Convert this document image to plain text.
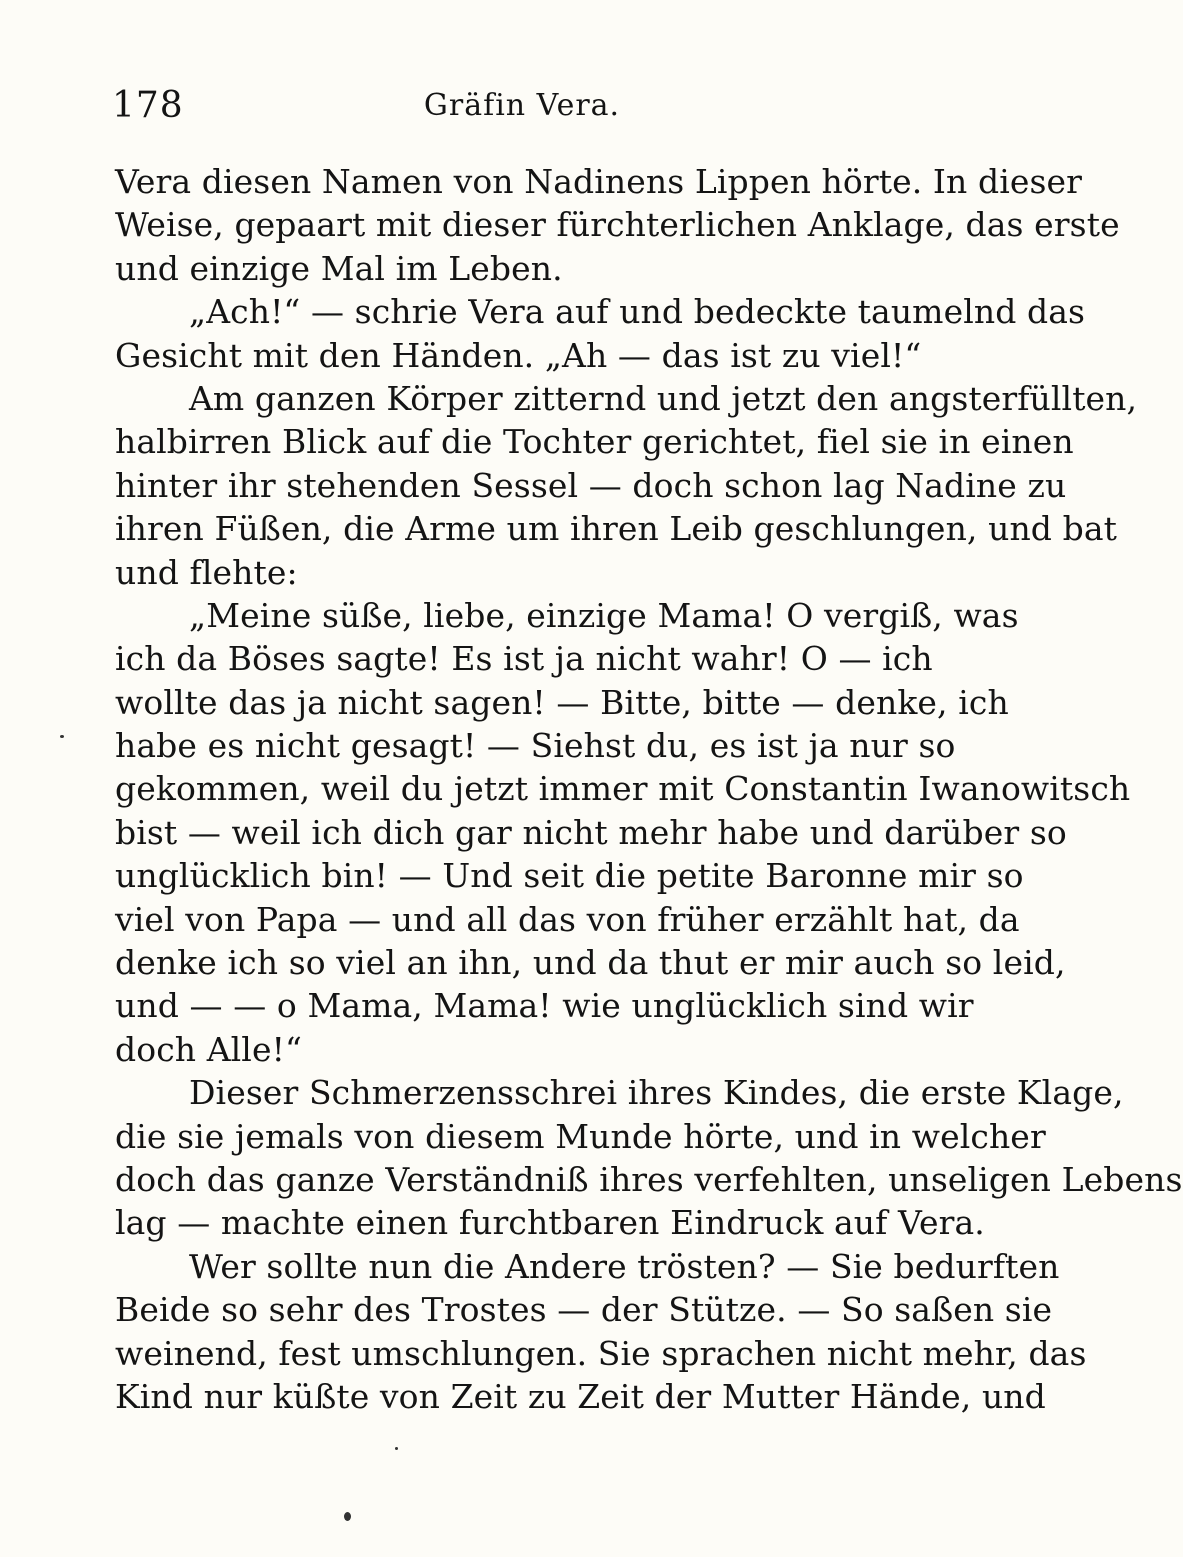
178	Gräfin Vera.
Vera diesen Namen von Nadinens Lippen hörte. In dieser
Weise, gepaart mit dieser fürchterlichen Anklage, das erste
und einzige Mal im Leben.
„Ach!“ — schrie Vera auf und bedeckte taumelnd das
Gesicht mit den Händen. „Ah — das ist zu viel!“
Am ganzen Körper zitternd und jetzt den angsterfüllten,
halbirren Blick auf die Tochter gerichtet, fiel sie in einen
hinter ihr stehenden Sessel — doch schon lag Nadine zu
ihren Füßen, die Arme um ihren Leib geschlungen, und bat
und flehte:
„Meine süße, liebe, einzige Mama! O vergiß, was
ich da Böses sagte! Es ist ja nicht wahr! O — ich
wollte das ja nicht sagen! — Bitte, bitte — denke, ich
habe es nicht gesagt! — Siehst du, es ist ja nur so
gekommen, weil du jetzt immer mit Constantin Iwanowitsch
bist — weil ich dich gar nicht mehr habe und darüber so
unglücklich bin! — Und seit die petite Baronne mir so
viel von Papa — und all das von früher erzählt hat, da
denke ich so viel an ihn, und da thut er mir auch so leid,
und — — o Mama, Mama! wie unglücklich sind wir
doch Alle!“
Dieser Schmerzensschrei ihres Kindes, die erste Klage,
die sie jemals von diesem Munde hörte, und in welcher
doch das ganze Verständniß ihres verfehlten, unseligen Lebens
lag — machte einen furchtbaren Eindruck auf Vera.
Wer sollte nun die Andere trösten? — Sie bedurften
Beide so sehr des Trostes — der Stütze. — So saßen sie
weinend, fest umschlungen. Sie sprachen nicht mehr, das
Kind nur küßte von Zeit zu Zeit der Mutter Hände, und
